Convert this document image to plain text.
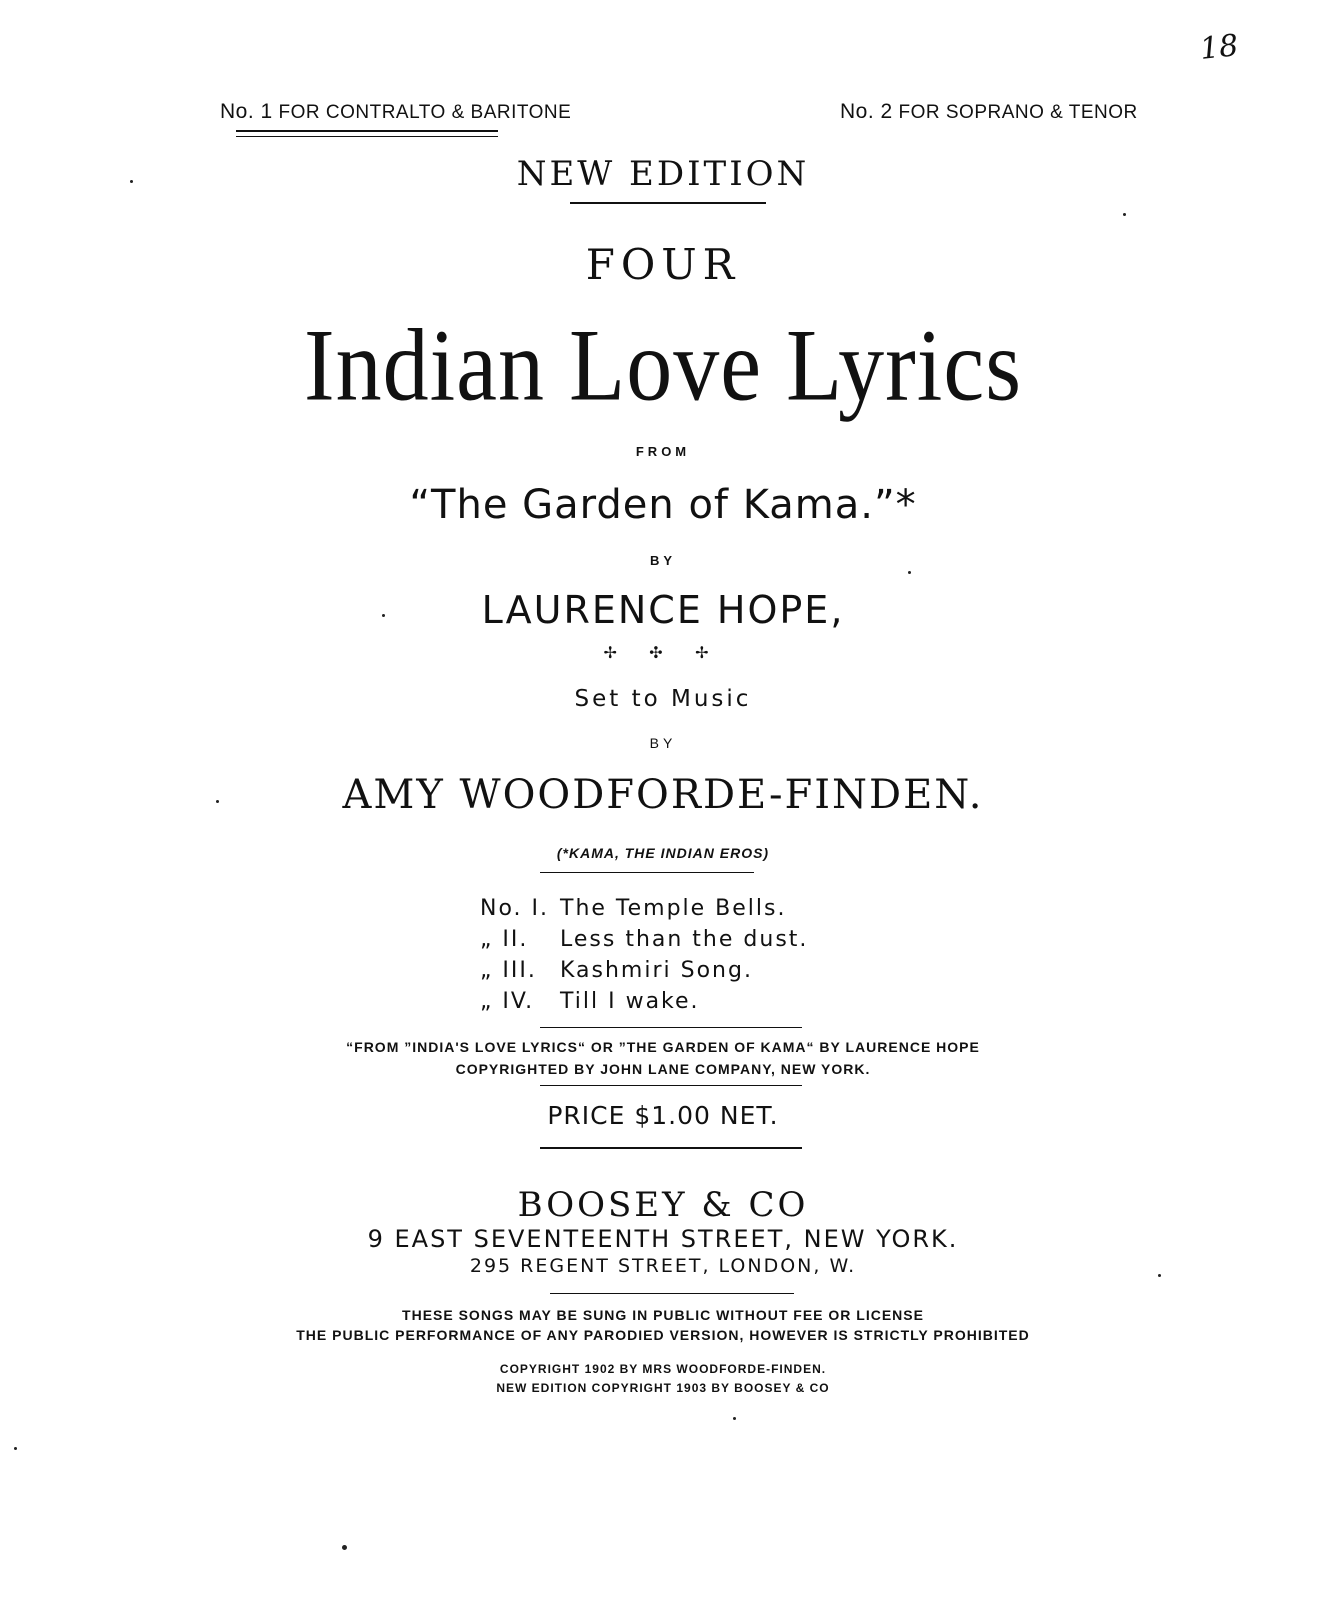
No. 1 FOR CONTRALTO & BARITONE	No. 2 FOR SOPRANO & TENOR
18
NEW EDITION
FOUR
Indian Love Lyrics
FROM
“The Garden of Kama.”*
BY
LAURENCE HOPE,
✢ ✣ ✢
Set to Music
BY
AMY WOODFORDE-FINDEN.
(*KAMA, THE INDIAN EROS)
No. I. The Temple Bells.
„ II. Less than the dust.
„ III. Kashmiri Song.
„ IV. Till I wake.
“FROM ”INDIA'S LOVE LYRICS“ OR ”THE GARDEN OF KAMA“ BY LAURENCE HOPE
COPYRIGHTED BY JOHN LANE COMPANY, NEW YORK.
PRICE $1.00 NET.
BOOSEY & CO
9 EAST SEVENTEENTH STREET, NEW YORK.
295 REGENT STREET, LONDON, W.
THESE SONGS MAY BE SUNG IN PUBLIC WITHOUT FEE OR LICENSE
THE PUBLIC PERFORMANCE OF ANY PARODIED VERSION, HOWEVER IS STRICTLY PROHIBITED
COPYRIGHT 1902 BY MRS WOODFORDE-FINDEN.
NEW EDITION COPYRIGHT 1903 BY BOOSEY & CO
